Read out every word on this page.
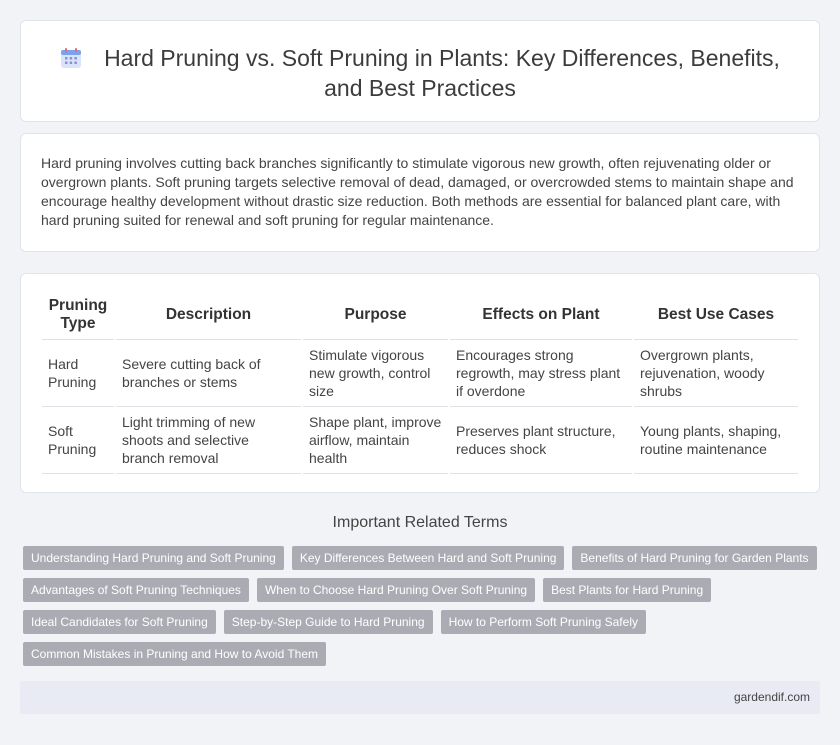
Hard Pruning vs. Soft Pruning in Plants: Key Differences, Benefits, and Best Practices

Hard pruning involves cutting back branches significantly to stimulate vigorous new growth, often rejuvenating older or overgrown plants. Soft pruning targets selective removal of dead, damaged, or overcrowded stems to maintain shape and encourage healthy development without drastic size reduction. Both methods are essential for balanced plant care, with hard pruning suited for renewal and soft pruning for regular maintenance.

Pruning Type	Description	Purpose	Effects on Plant	Best Use Cases
Hard Pruning	Severe cutting back of branches or stems	Stimulate vigorous new growth, control size	Encourages strong regrowth, may stress plant if overdone	Overgrown plants, rejuvenation, woody shrubs
Soft Pruning	Light trimming of new shoots and selective branch removal	Shape plant, improve airflow, maintain health	Preserves plant structure, reduces shock	Young plants, shaping, routine maintenance
Important Related Terms
Understanding Hard Pruning and Soft Pruning	Key Differences Between Hard and Soft Pruning	Benefits of Hard Pruning for Garden Plants
Advantages of Soft Pruning Techniques	When to Choose Hard Pruning Over Soft Pruning	Best Plants for Hard Pruning
Ideal Candidates for Soft Pruning	Step-by-Step Guide to Hard Pruning	How to Perform Soft Pruning Safely
Common Mistakes in Pruning and How to Avoid Them
gardendif.com
